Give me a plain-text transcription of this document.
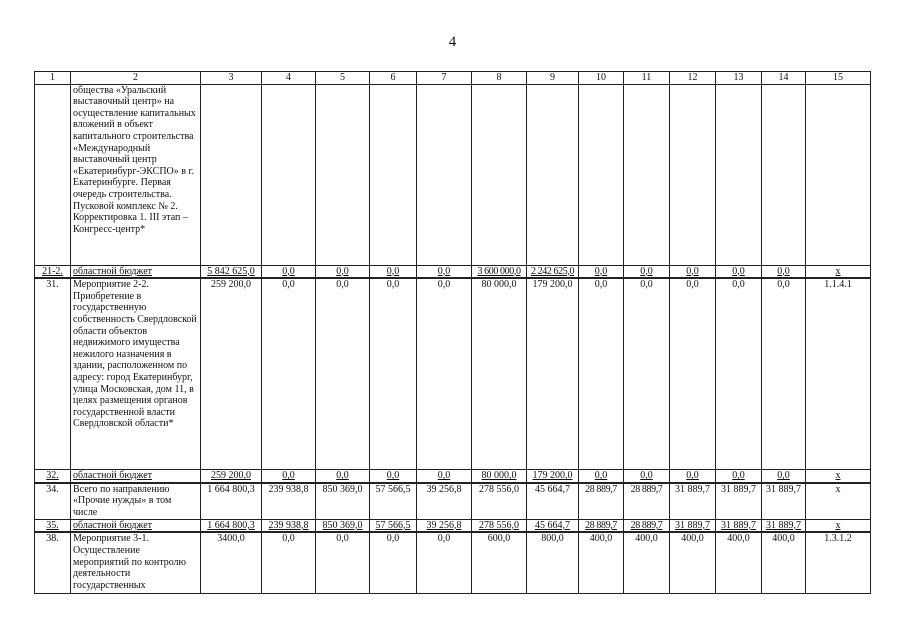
4
1	2	3	4	5	6	7	8	9	10	11	12	13	14	15
	общества «Уральский выставочный центр» на осуществление капитальных вложений в объект капитального строительства «Международный выставочный центр «Екатеринбург-ЭКСПО» в г. Екатеринбурге. Первая очередь строительства. Пусковой комплекс № 2. Корректировка 1. III этап – Конгресс-центр*													
21-2.	областной бюджет	5 842 625,0	0,0	0,0	0,0	0,0	3 600 000,0	2 242 625,0	0,0	0,0	0,0	0,0	0,0	х
31.	Мероприятие 2-2. Приобретение в государственную собственность Свердловской области объектов недвижимого имущества нежилого назначения в здании, расположенном по адресу: город Екатеринбург, улица Московская, дом 11, в целях размещения органов государственной власти Свердловской области*	259 200,0	0,0	0,0	0,0	0,0	80 000,0	179 200,0	0,0	0,0	0,0	0,0	0,0	1.1.4.1
32.	областной бюджет	259 200,0	0,0	0,0	0,0	0,0	80 000,0	179 200,0	0,0	0,0	0,0	0,0	0,0	х
34.	Всего по направлению «Прочие нужды» в том числе	1 664 800,3	239 938,8	850 369,0	57 566,5	39 256,8	278 556,0	45 664,7	28 889,7	28 889,7	31 889,7	31 889,7	31 889,7	х
35.	областной бюджет	1 664 800,3	239 938,8	850 369,0	57 566,5	39 256,8	278 556,0	45 664,7	28 889,7	28 889,7	31 889,7	31 889,7	31 889,7	х
38.	Мероприятие 3-1. Осуществление мероприятий по контролю деятельности государственных	3400,0	0,0	0,0	0,0	0,0	600,0	800,0	400,0	400,0	400,0	400,0	400,0	1.3.1.2
